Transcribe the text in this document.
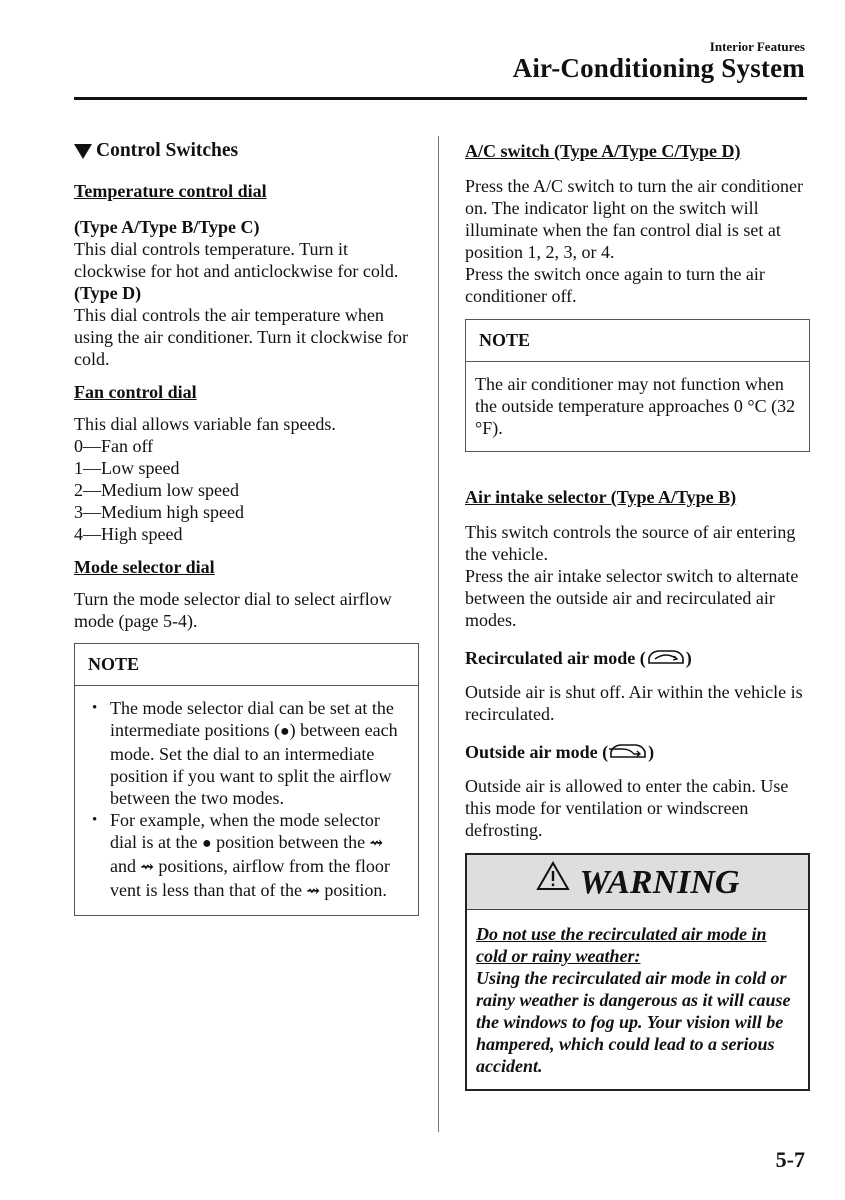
Interior Features
Air-Conditioning System
Control Switches
Temperature control dial
(Type A/Type B/Type C)

This dial controls temperature. Turn it clockwise for hot and anticlockwise for cold.

(Type D)

This dial controls the air temperature when using the air conditioner. Turn it clockwise for cold.

Fan control dial

This dial allows variable fan speeds.

0—Fan off

1—Low speed

2—Medium low speed

3—Medium high speed

4—High speed

Mode selector dial

Turn the mode selector dial to select airflow mode (page 5-4).

NOTE
• The mode selector dial can be set at the intermediate positions (●) between each mode. Set the dial to an intermediate position if you want to split the airflow between the two modes.
• For example, when the mode selector dial is at the ● position between the ⇝ and ⇝ positions, airflow from the floor vent is less than that of the ⇝ position.
A/C switch (Type A/Type C/Type D)

Press the A/C switch to turn the air conditioner on. The indicator light on the switch will illuminate when the fan control dial is set at position 1, 2, 3, or 4.

Press the switch once again to turn the air conditioner off.

NOTE
The air conditioner may not function when the outside temperature approaches 0 °C (32 °F).
Air intake selector (Type A/Type B)

This switch controls the source of air entering the vehicle.

Press the air intake selector switch to alternate between the outside air and recirculated air modes.

Recirculated air mode ( )

Outside air is shut off. Air within the vehicle is recirculated.

Outside air mode ( )

Outside air is allowed to enter the cabin. Use this mode for ventilation or windscreen defrosting.

WARNING
Do not use the recirculated air mode in cold or rainy weather:
Using the recirculated air mode in cold or rainy weather is dangerous as it will cause the windows to fog up. Your vision will be hampered, which could lead to a serious accident.
5-7
